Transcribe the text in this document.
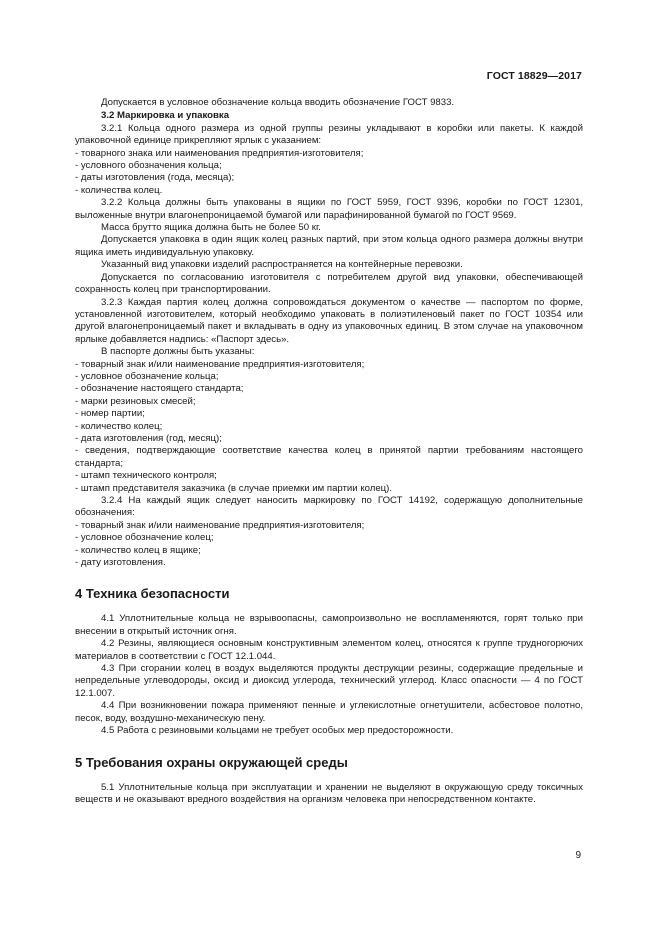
ГОСТ 18829—2017

Допускается в условное обозначение кольца вводить обозначение ГОСТ 9833.

3.2 Маркировка и упаковка

3.2.1 Кольца одного размера из одной группы резины укладывают в коробки или пакеты. К каждой упаковочной единице прикрепляют ярлык с указанием:

- товарного знака или наименования предприятия-изготовителя;

- условного обозначения кольца;

- даты изготовления (года, месяца);

- количества колец.

3.2.2 Кольца должны быть упакованы в ящики по ГОСТ 5959, ГОСТ 9396, коробки по ГОСТ 12301, выложенные внутри влагонепроницаемой бумагой или парафинированной бумагой по ГОСТ 9569.

Масса брутто ящика должна быть не более 50 кг.

Допускается упаковка в один ящик колец разных партий, при этом кольца одного размера должны внутри ящика иметь индивидуальную упаковку.

Указанный вид упаковки изделий распространяется на контейнерные перевозки.

Допускается по согласованию изготовителя с потребителем другой вид упаковки, обеспечивающей сохранность колец при транспортировании.

3.2.3 Каждая партия колец должна сопровождаться документом о качестве — паспортом по форме, установленной изготовителем, который необходимо упаковать в полиэтиленовый пакет по ГОСТ 10354 или другой влагонепроницаемый пакет и вкладывать в одну из упаковочных единиц. В этом случае на упаковочном ярлыке добавляется надпись: «Паспорт здесь».

В паспорте должны быть указаны:

- товарный знак и/или наименование предприятия-изготовителя;

- условное обозначение кольца;

- обозначение настоящего стандарта;

- марки резиновых смесей;

- номер партии;

- количество колец;

- дата изготовления (год, месяц);

- сведения, подтверждающие соответствие качества колец в принятой партии требованиям настоящего стандарта;

- штамп технического контроля;

- штамп представителя заказчика (в случае приемки им партии колец).

3.2.4 На каждый ящик следует наносить маркировку по ГОСТ 14192, содержащую дополнительные обозначения:

- товарный знак и/или наименование предприятия-изготовителя;

- условное обозначение колец;

- количество колец в ящике;

- дату изготовления.

4 Техника безопасности

4.1 Уплотнительные кольца не взрывоопасны, самопроизвольно не воспламеняются, горят только при внесении в открытый источник огня.

4.2 Резины, являющиеся основным конструктивным элементом колец, относятся к группе трудногорючих материалов в соответствии с ГОСТ 12.1.044.

4.3 При сгорании колец в воздух выделяются продукты деструкции резины, содержащие предельные и непредельные углеводороды, оксид и диоксид углерода, технический углерод. Класс опасности — 4 по ГОСТ 12.1.007.

4.4 При возникновении пожара применяют пенные и углекислотные огнетушители, асбестовое полотно, песок, воду, воздушно-механическую пену.

4.5 Работа с резиновыми кольцами не требует особых мер предосторожности.

5 Требования охраны окружающей среды

5.1 Уплотнительные кольца при эксплуатации и хранении не выделяют в окружающую среду токсичных веществ и не оказывают вредного воздействия на организм человека при непосредственном контакте.

9
